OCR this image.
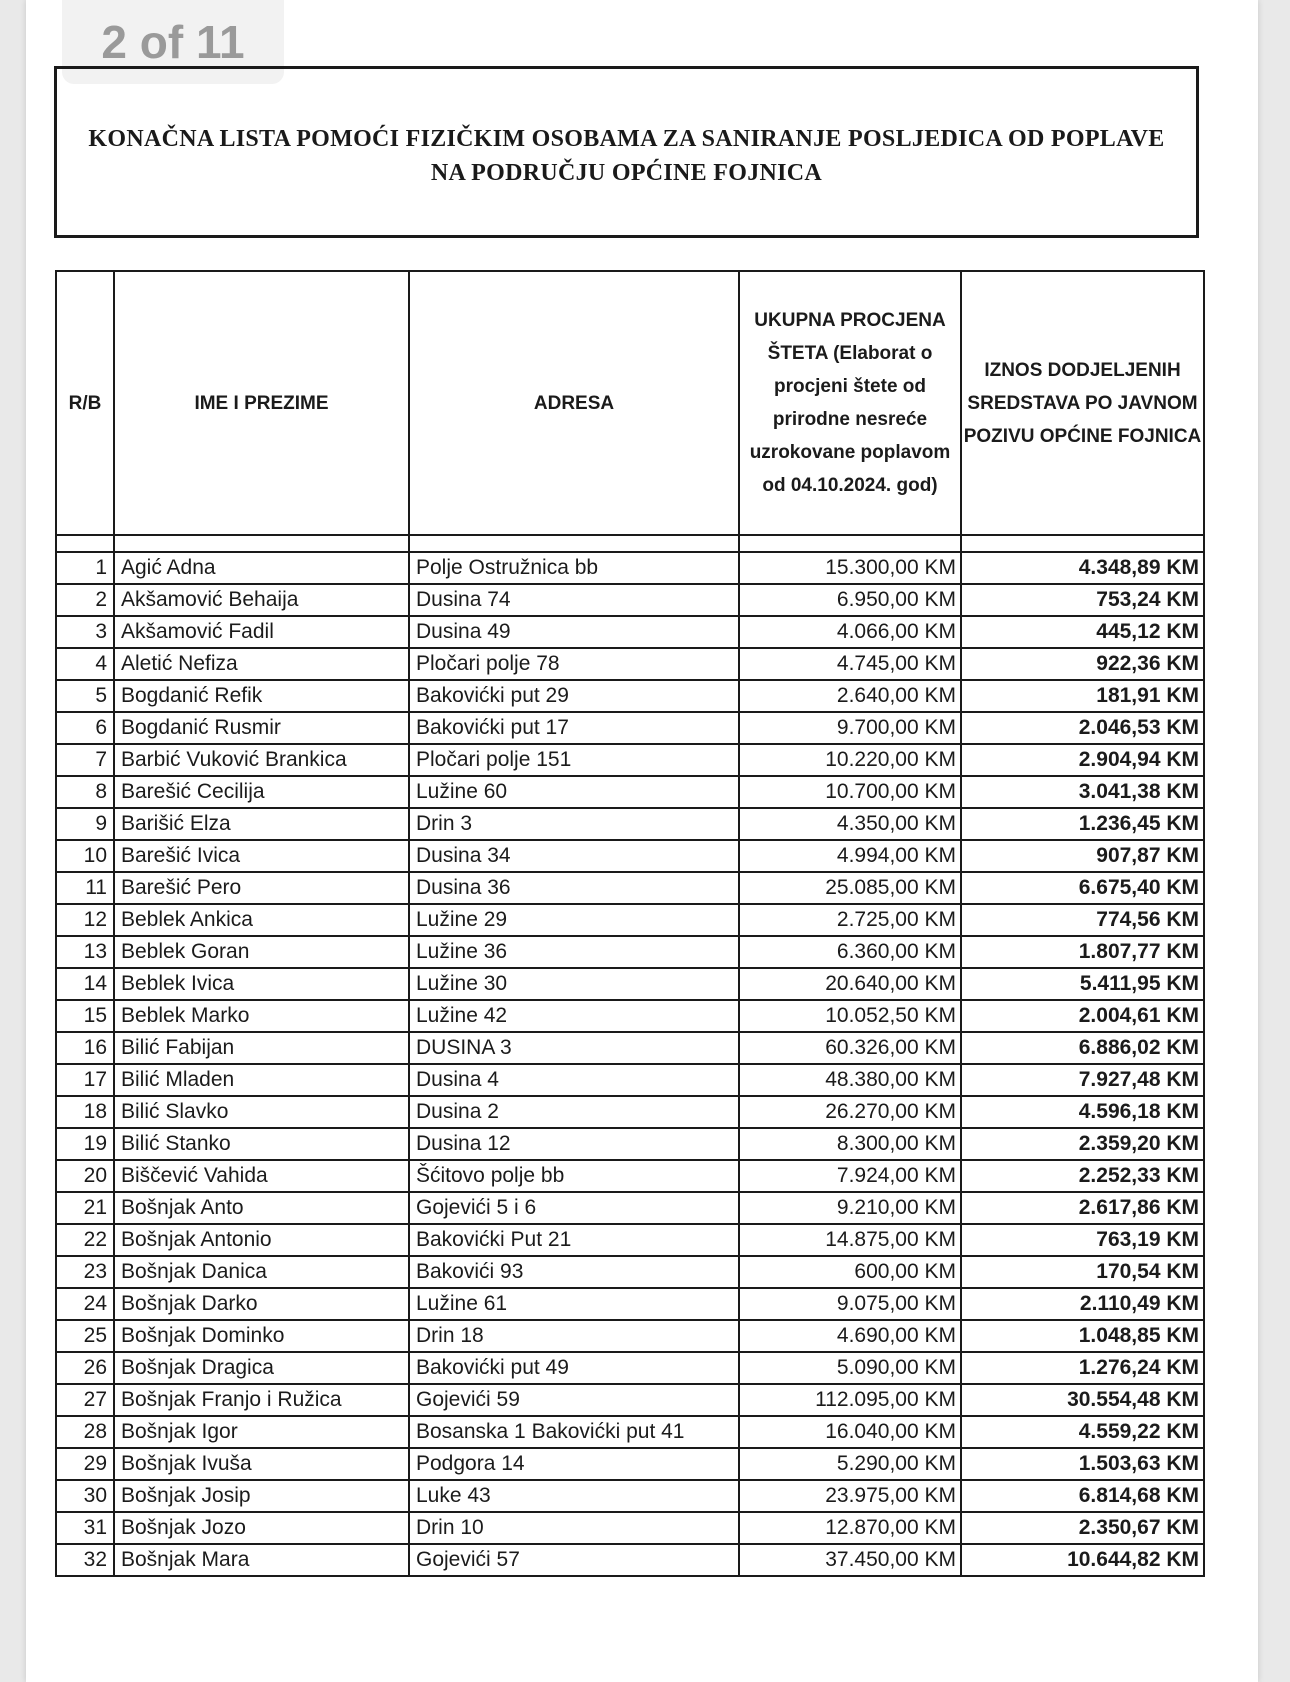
2 of 11
KONAČNA LISTA POMOĆI FIZIČKIM OSOBAMA ZA SANIRANJE POSLJEDICA OD POPLAVE
NA PODRUČJU OPĆINE FOJNICA
R/B	IME I PREZIME	ADRESA	UKUPNA PROCJENA ŠTETA (Elaborat o procjeni štete od prirodne nesreće uzrokovane poplavom od 04.10.2024. god)	IZNOS DODJELJENIH SREDSTAVA PO JAVNOM POZIVU OPĆINE FOJNICA

1	Agić Adna	Polje Ostružnica bb	15.300,00 KM	4.348,89 KM
2	Akšamović Behaija	Dusina 74	6.950,00 KM	753,24 KM
3	Akšamović Fadil	Dusina 49	4.066,00 KM	445,12 KM
4	Aletić Nefiza	Pločari polje 78	4.745,00 KM	922,36 KM
5	Bogdanić Refik	Bakovićki put 29	2.640,00 KM	181,91 KM
6	Bogdanić Rusmir	Bakovićki put 17	9.700,00 KM	2.046,53 KM
7	Barbić Vuković Brankica	Pločari polje 151	10.220,00 KM	2.904,94 KM
8	Barešić Cecilija	Lužine 60	10.700,00 KM	3.041,38 KM
9	Barišić Elza	Drin 3	4.350,00 KM	1.236,45 KM
10	Barešić Ivica	Dusina 34	4.994,00 KM	907,87 KM
11	Barešić Pero	Dusina 36	25.085,00 KM	6.675,40 KM
12	Beblek Ankica	Lužine 29	2.725,00 KM	774,56 KM
13	Beblek Goran	Lužine 36	6.360,00 KM	1.807,77 KM
14	Beblek Ivica	Lužine 30	20.640,00 KM	5.411,95 KM
15	Beblek Marko	Lužine 42	10.052,50 KM	2.004,61 KM
16	Bilić Fabijan	DUSINA 3	60.326,00 KM	6.886,02 KM
17	Bilić Mladen	Dusina 4	48.380,00 KM	7.927,48 KM
18	Bilić Slavko	Dusina 2	26.270,00 KM	4.596,18 KM
19	Bilić Stanko	Dusina 12	8.300,00 KM	2.359,20 KM
20	Biščević Vahida	Šćitovo polje bb	7.924,00 KM	2.252,33 KM
21	Bošnjak Anto	Gojevići 5 i 6	9.210,00 KM	2.617,86 KM
22	Bošnjak Antonio	Bakovićki Put 21	14.875,00 KM	763,19 KM
23	Bošnjak Danica	Bakovići 93	600,00 KM	170,54 KM
24	Bošnjak Darko	Lužine 61	9.075,00 KM	2.110,49 KM
25	Bošnjak Dominko	Drin 18	4.690,00 KM	1.048,85 KM
26	Bošnjak Dragica	Bakovićki put 49	5.090,00 KM	1.276,24 KM
27	Bošnjak Franjo i Ružica	Gojevići 59	112.095,00 KM	30.554,48 KM
28	Bošnjak Igor	Bosanska 1 Bakovićki put 41	16.040,00 KM	4.559,22 KM
29	Bošnjak Ivuša	Podgora 14	5.290,00 KM	1.503,63 KM
30	Bošnjak Josip	Luke 43	23.975,00 KM	6.814,68 KM
31	Bošnjak Jozo	Drin 10	12.870,00 KM	2.350,67 KM
32	Bošnjak Mara	Gojevići 57	37.450,00 KM	10.644,82 KM
